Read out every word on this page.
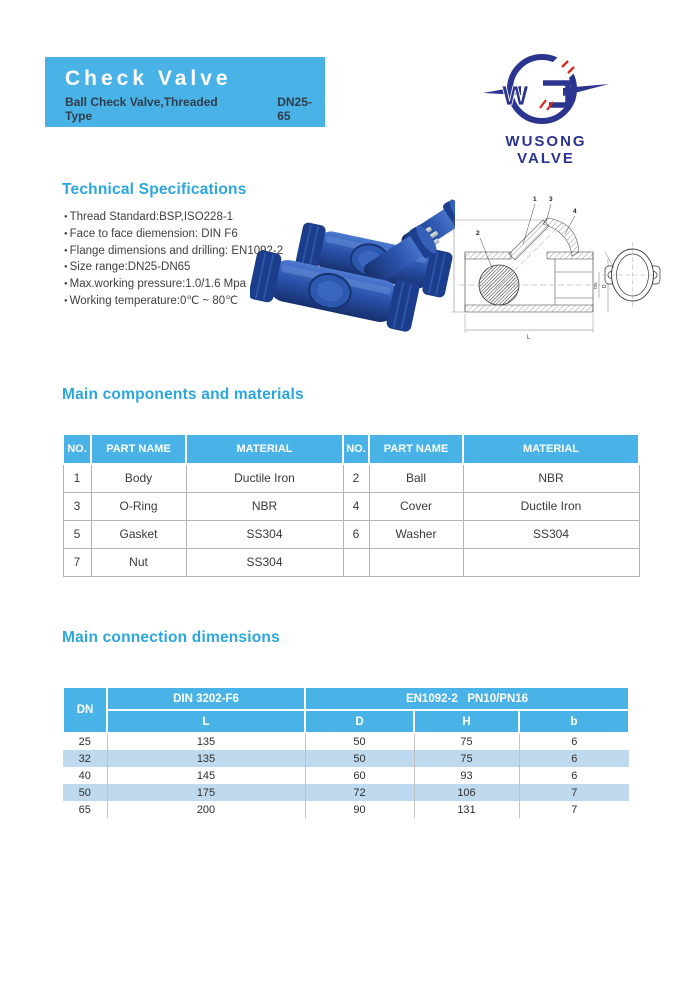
Check Valve
Ball Check Valve,Threaded Type
DN25-65
W
WUSONG VALVE
Technical Specifications
● Thread Standard:BSP,ISO228-1
● Face to face diemension: DIN F6
● Flange dimensions and drilling: EN1092-2
● Size range:DN25-DN65
● Max.working pressure:1.0/1.6 Mpa
● Working temperature:0℃ ~ 80℃
1 3
4
2
H
L
DN D
Main components and materials
NO.	PART NAME	MATERIAL	NO.	PART NAME	MATERIAL
1	Body	Ductile Iron	2	Ball	NBR
3	O-Ring	NBR	4	Cover	Ductile Iron
5	Gasket	SS304	6	Washer	SS304
7	Nut	SS304			
Main connection dimensions
DN	DIN 3202-F6	EN1092-2   PN10/PN16		
	L	D	H	b
25	135	50	75	6
32	135	50	75	6
40	145	60	93	6
50	175	72	106	7
65	200	90	131	7
